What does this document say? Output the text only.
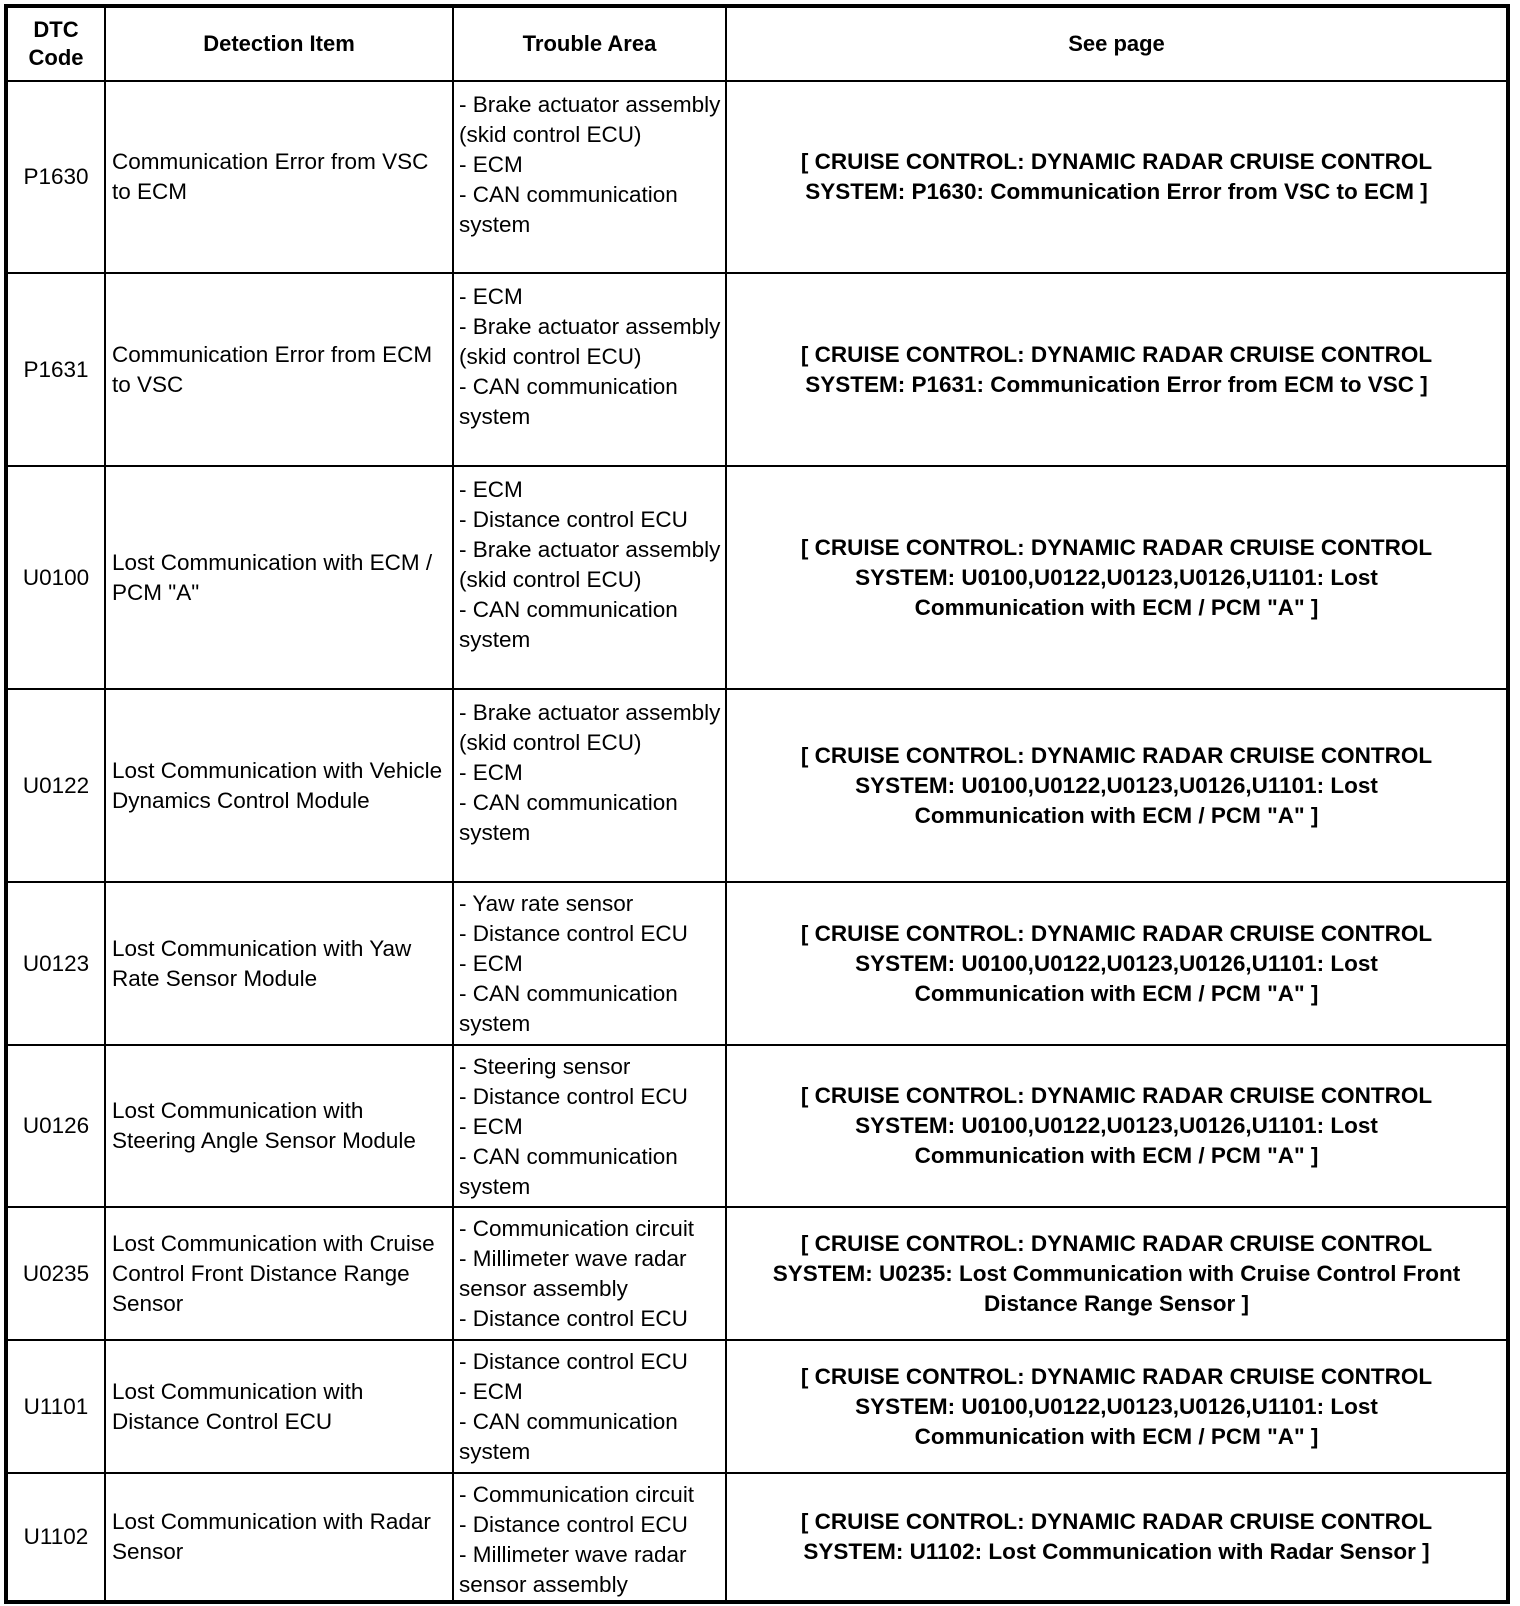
DTC
Code	Detection Item	Trouble Area	See page
P1630	Communication Error from VSC to ECM	- Brake actuator assembly (skid control ECU)
- ECM
- CAN communication system	[ CRUISE CONTROL: DYNAMIC RADAR CRUISE CONTROL
SYSTEM: P1630: Communication Error from VSC to ECM ]

P1631	Communication Error from ECM to VSC	- ECM
- Brake actuator assembly (skid control ECU)
- CAN communication system	[ CRUISE CONTROL: DYNAMIC RADAR CRUISE CONTROL
SYSTEM: P1631: Communication Error from ECM to VSC ]

U0100	Lost Communication with ECM / PCM "A"	- ECM
- Distance control ECU
- Brake actuator assembly (skid control ECU)
- CAN communication system	[ CRUISE CONTROL: DYNAMIC RADAR CRUISE CONTROL
SYSTEM: U0100,U0122,U0123,U0126,U1101: Lost
Communication with ECM / PCM "A" ]

U0122	Lost Communication with Vehicle Dynamics Control Module	- Brake actuator assembly (skid control ECU)
- ECM
- CAN communication system	[ CRUISE CONTROL: DYNAMIC RADAR CRUISE CONTROL
SYSTEM: U0100,U0122,U0123,U0126,U1101: Lost
Communication with ECM / PCM "A" ]

U0123	Lost Communication with Yaw Rate Sensor Module	- Yaw rate sensor
- Distance control ECU
- ECM
- CAN communication system	[ CRUISE CONTROL: DYNAMIC RADAR CRUISE CONTROL
SYSTEM: U0100,U0122,U0123,U0126,U1101: Lost
Communication with ECM / PCM "A" ]

U0126	Lost Communication with Steering Angle Sensor Module	- Steering sensor
- Distance control ECU
- ECM
- CAN communication system	[ CRUISE CONTROL: DYNAMIC RADAR CRUISE CONTROL
SYSTEM: U0100,U0122,U0123,U0126,U1101: Lost
Communication with ECM / PCM "A" ]

U0235	Lost Communication with Cruise Control Front Distance Range Sensor	- Communication circuit
- Millimeter wave radar sensor assembly
- Distance control ECU	[ CRUISE CONTROL: DYNAMIC RADAR CRUISE CONTROL
SYSTEM: U0235: Lost Communication with Cruise Control Front
Distance Range Sensor ]

U1101	Lost Communication with Distance Control ECU	- Distance control ECU
- ECM
- CAN communication system	[ CRUISE CONTROL: DYNAMIC RADAR CRUISE CONTROL
SYSTEM: U0100,U0122,U0123,U0126,U1101: Lost
Communication with ECM / PCM "A" ]

U1102	Lost Communication with Radar Sensor	- Communication circuit
- Distance control ECU
- Millimeter wave radar sensor assembly	[ CRUISE CONTROL: DYNAMIC RADAR CRUISE CONTROL
SYSTEM: U1102: Lost Communication with Radar Sensor ]
